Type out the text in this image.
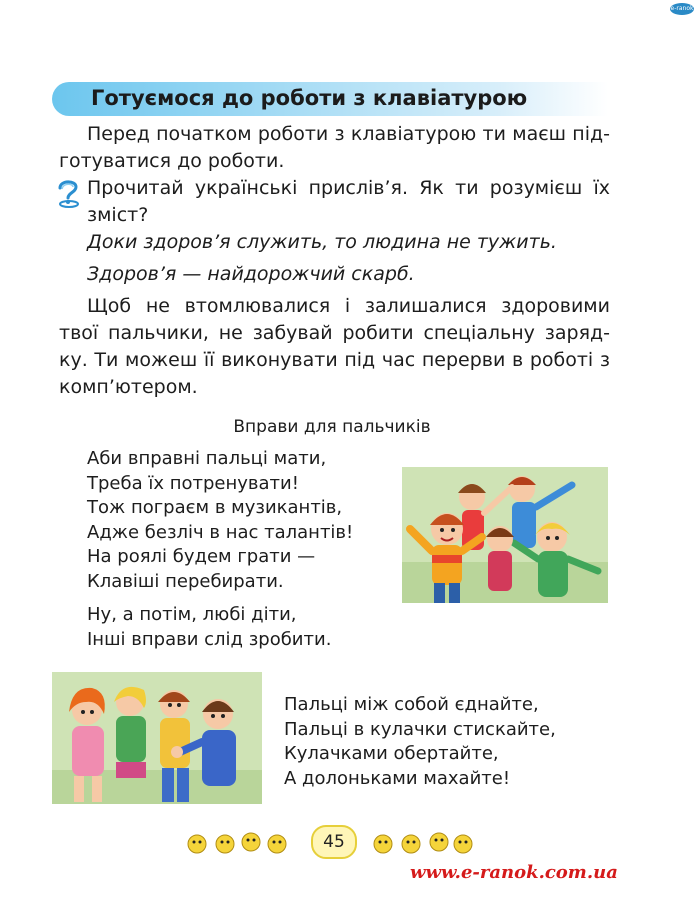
e-ranok
Готуємося до роботи з клавіатурою

Перед початком роботи з клавіатурою ти маєш під- готуватися до роботи.

Прочитай українські прислів’я. Як ти розумієш їх зміст?

Доки здоров’я служить, то людина не тужить.
Здоров’я — найдорожчий скарб.

Щоб не втомлювалися і залишалися здоровими твої пальчики, не забувай робити спеціальну заряд- ку. Ти можеш її виконувати під час перерви в роботі з комп’ютером.

Вправи для пальчиків
Аби вправні пальці мати,
Треба їх потренувати!
Тож пограєм в музикантів,
Адже безліч в нас талантів!
На роялі будем грати —
Клавіші перебирати.
Ну, а потім, любі діти,
Інші вправи слід зробити.
Пальці між собой єднайте,
Пальці в кулачки стискайте,
Кулачками обертайте,
А долоньками махайте!
45
www.e-ranok.com.ua
